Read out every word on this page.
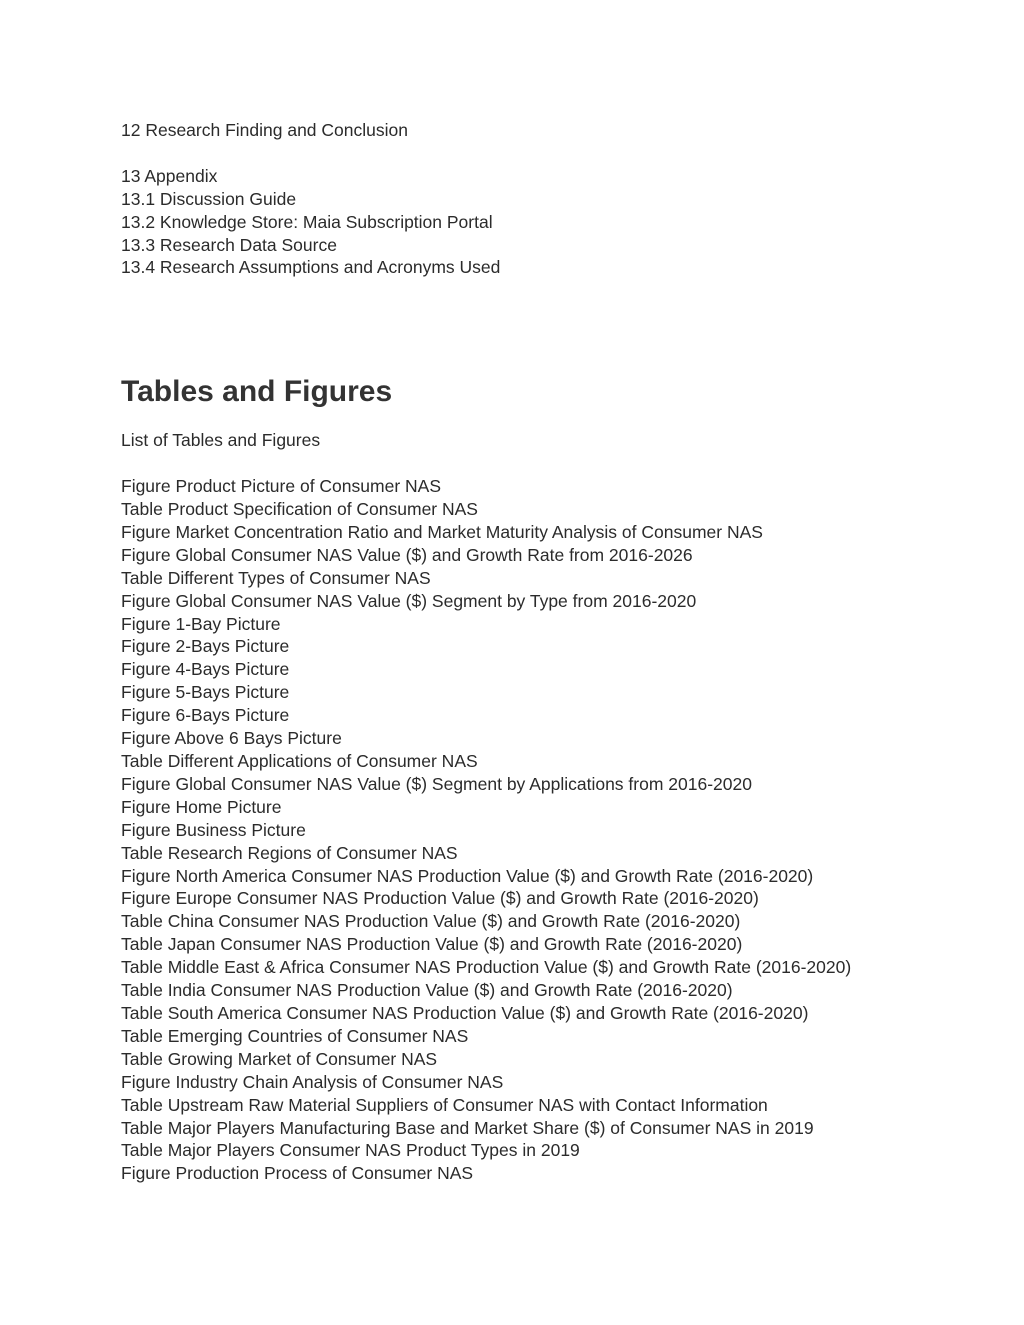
12 Research Finding and Conclusion

13 Appendix

13.1 Discussion Guide

13.2 Knowledge Store: Maia Subscription Portal

13.3 Research Data Source

13.4 Research Assumptions and Acronyms Used

Tables and Figures

List of Tables and Figures

Figure Product Picture of Consumer NAS

Table Product Specification of Consumer NAS

Figure Market Concentration Ratio and Market Maturity Analysis of Consumer NAS

Figure Global Consumer NAS Value ($) and Growth Rate from 2016-2026

Table Different Types of Consumer NAS

Figure Global Consumer NAS Value ($) Segment by Type from 2016-2020

Figure 1-Bay Picture

Figure 2-Bays Picture

Figure 4-Bays Picture

Figure 5-Bays Picture

Figure 6-Bays Picture

Figure Above 6 Bays Picture

Table Different Applications of Consumer NAS

Figure Global Consumer NAS Value ($) Segment by Applications from 2016-2020

Figure Home Picture

Figure Business Picture

Table Research Regions of Consumer NAS

Figure North America Consumer NAS Production Value ($) and Growth Rate (2016-2020)

Figure Europe Consumer NAS Production Value ($) and Growth Rate (2016-2020)

Table China Consumer NAS Production Value ($) and Growth Rate (2016-2020)

Table Japan Consumer NAS Production Value ($) and Growth Rate (2016-2020)

Table Middle East & Africa Consumer NAS Production Value ($) and Growth Rate (2016-2020)

Table India Consumer NAS Production Value ($) and Growth Rate (2016-2020)

Table South America Consumer NAS Production Value ($) and Growth Rate (2016-2020)

Table Emerging Countries of Consumer NAS

Table Growing Market of Consumer NAS

Figure Industry Chain Analysis of Consumer NAS

Table Upstream Raw Material Suppliers of Consumer NAS with Contact Information

Table Major Players Manufacturing Base and Market Share ($) of Consumer NAS in 2019

Table Major Players Consumer NAS Product Types in 2019

Figure Production Process of Consumer NAS
